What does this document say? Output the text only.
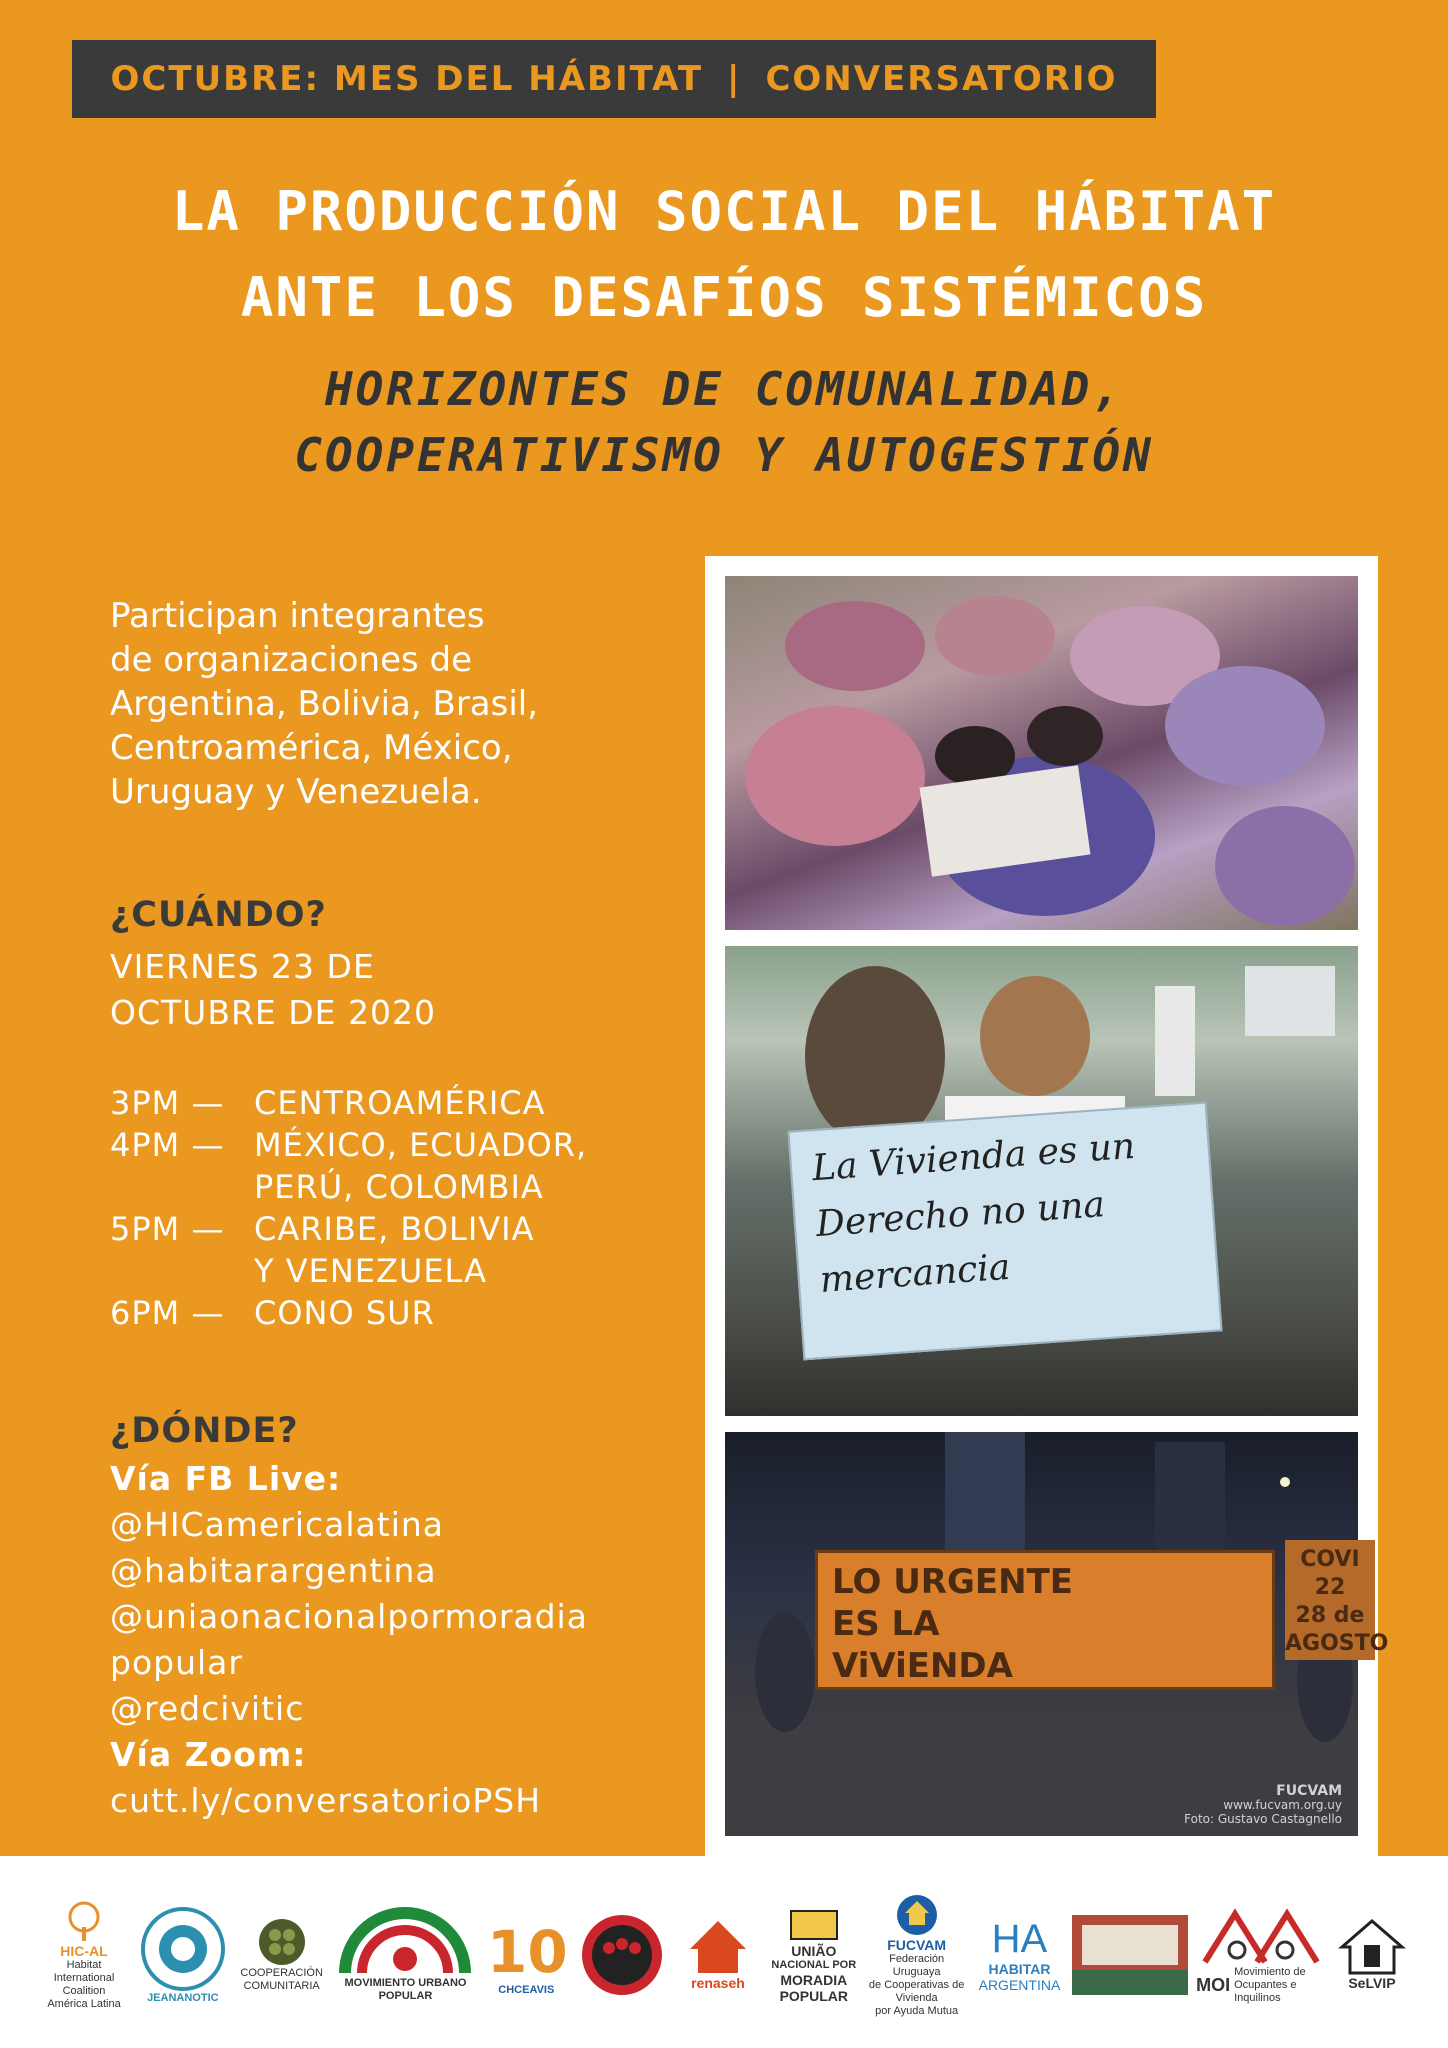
OCTUBRE: MES DEL HÁBITAT | CONVERSATORIO
LA PRODUCCIÓN SOCIAL DEL HÁBITAT
ANTE LOS DESAFÍOS SISTÉMICOS
HORIZONTES DE COMUNALIDAD,
COOPERATIVISMO Y AUTOGESTIÓN
Participan integrantes
de organizaciones de
Argentina, Bolivia, Brasil,
Centroamérica, México,
Uruguay y Venezuela.
¿CUÁNDO?
VIERNES 23 DE
OCTUBRE DE 2020
3PM — CENTROAMÉRICA
4PM — MÉXICO, ECUADOR,
PERÚ, COLOMBIA
5PM — CARIBE, BOLIVIA
Y VENEZUELA
6PM — CONO SUR
¿DÓNDE?
Vía FB Live:
@HICamericalatina
@habitarargentina
@uniaonacionalpormoradia
popular
@redcivitic
Vía Zoom:
cutt.ly/conversatorioPSH
La Vivienda es un
Derecho no una
mercancia
LO URGENTE
ES LA
ViViENDA
COVI 22
28 de
AGOSTO
FUCVAM
www.fucvam.org.uy
Foto: Gustavo Castagnello
HIC-AL
Habitat International Coalition
América Latina
JEANANOTIC
COOPERACIÓN
COMUNITARIA	MOVIMIENTO URBANO POPULAR
10
CHCEAVIS	renaseh
UNIÃO
NACIONAL POR
MORADIA
POPULAR
FUCVAM
Federación Uruguaya
de Cooperativas de Vivienda
por Ayuda Mutua
HA
HABITAR
ARGENTINA	MOI
Movimiento de
Ocupantes e Inquilinos
SeLVIP
